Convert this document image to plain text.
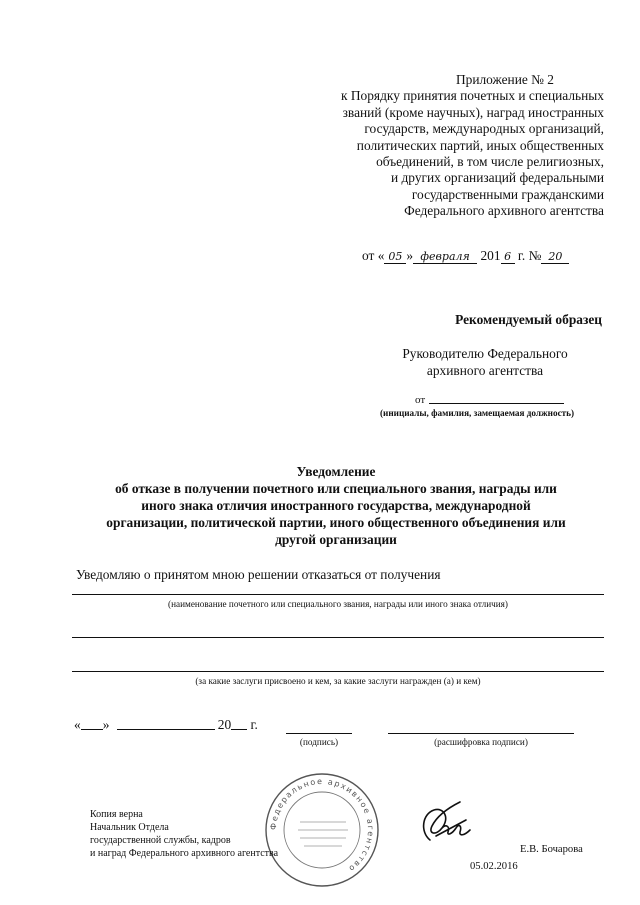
Приложение № 2
к Порядку принятия почетных и специальных
званий (кроме научных), наград иностранных
государств, международных организаций,
политических партий, иных общественных
объединений, в том числе религиозных,
и других организаций федеральными
государственными гражданскими
Федерального архивного агентства
от « 05 » февраля 201 6 г. № 20
Рекомендуемый образец
Руководителю Федерального
архивного агентства
от
(инициалы, фамилия, замещаемая должность)
Уведомление
об отказе в получении почетного или специального звания, награды или
иного знака отличия иностранного государства, международной
организации, политической партии, иного общественного объединения или
другой организации
Уведомляю о принятом мною решении отказаться от получения
(наименование почетного или специального звания, награды или иного знака отличия)
(за какие заслуги присвоено и кем, за какие заслуги награжден (а) и кем)
« »	20 г.
(подпись)	(расшифровка подписи)
Федеральное архивное агентство
Копия верна
Начальник Отдела
государственной службы, кадров
и наград Федерального архивного агентства	Е.В. Бочарова
05.02.2016
